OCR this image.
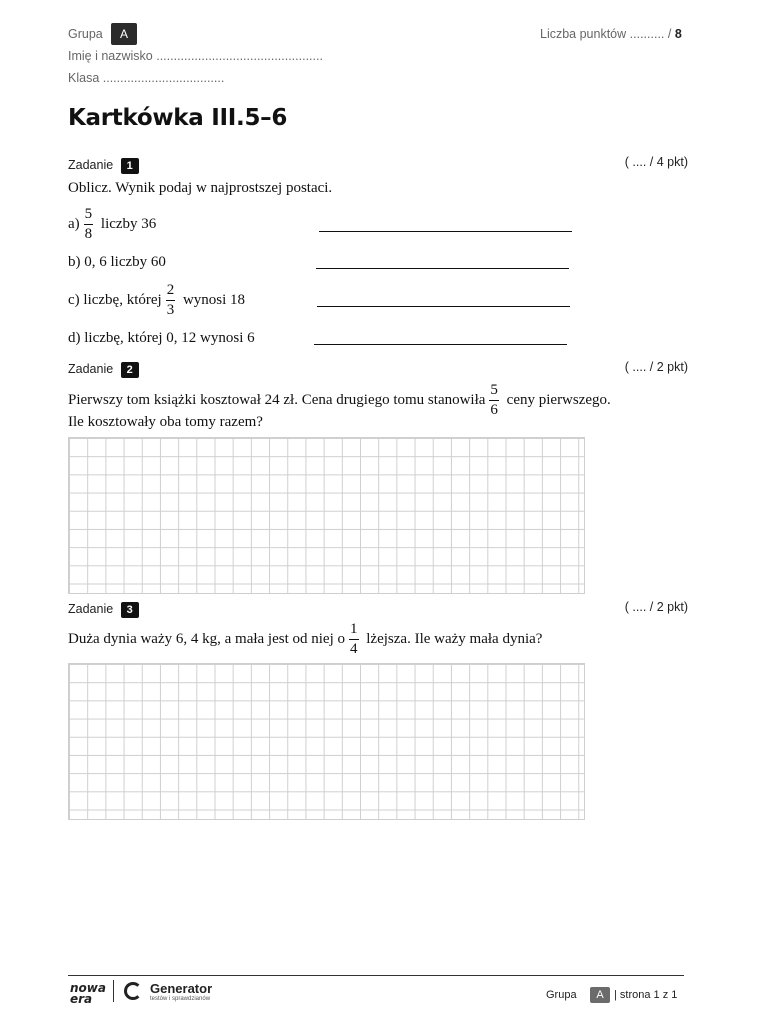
Grupa	A	Liczba punktów .......... / 8
Imię i nazwisko ................................................
Klasa ...................................
Kartkówka III.5–6
Zadanie 1	( .... / 4 pkt)
Oblicz. Wynik podaj w najprostszej postaci.
$a) \frac{5}{8}$ liczby 36
b) 0, 6 liczby 60
c) liczbę, której $\frac{2}{3}$ wynosi 18
d) liczbę, której 0, 12 wynosi 6
Zadanie 2	( .... / 2 pkt)
Pierwszy tom książki kosztował 24 zł. Cena drugiego tomu stanowiła $\frac{5}{6}$ ceny pierwszego.
Ile kosztowały oba tomy razem?
Zadanie 3	( .... / 2 pkt)
Duża dynia waży 6, 4 kg, a mała jest od niej o $\frac{1}{4}$ lżejsza. Ile waży mała dynia?
nowa
era
Generator
testów i sprawdzianów	Grupa	A | strona 1 z 1
